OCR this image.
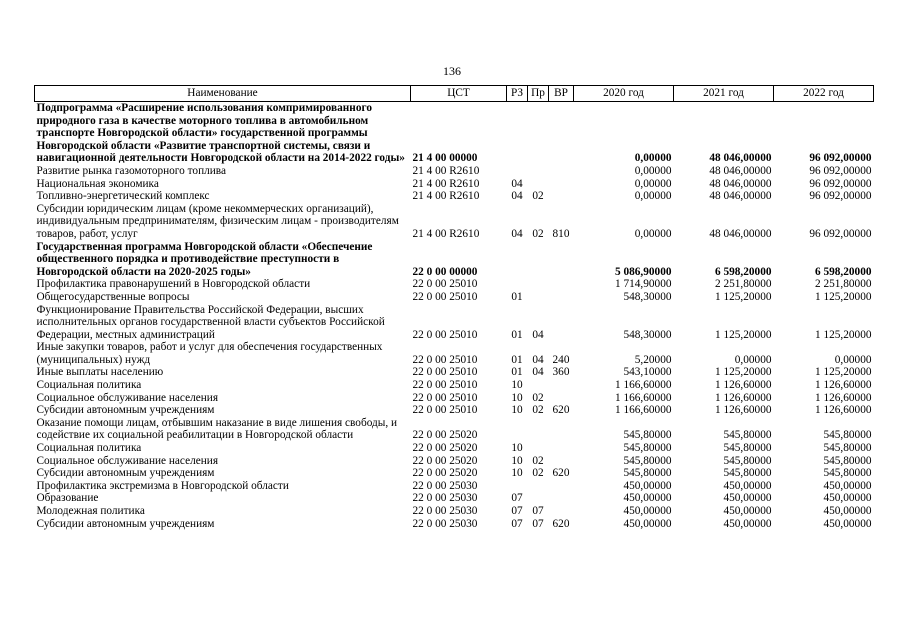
136
Наименование	ЦСТ	РЗ	Пр	ВР	2020 год	2021 год	2022 год
Подпрограмма «Расширение использования компримированного природного газа в качестве моторного топлива в автомобильном транспорте Новгородской области» государственной программы Новгородской области «Развитие транспортной системы, связи и навигационной деятельности Новгородской области на 2014-2022 годы»	21 4 00 00000				0,00000	48 046,00000	96 092,00000
Развитие рынка газомоторного топлива	21 4 00 R2610				0,00000	48 046,00000	96 092,00000
Национальная экономика	21 4 00 R2610	04			0,00000	48 046,00000	96 092,00000
Топливно-энергетический комплекс	21 4 00 R2610	04	02		0,00000	48 046,00000	96 092,00000
Субсидии юридическим лицам (кроме некоммерческих организаций), индивидуальным предпринимателям, физическим лицам - производителям товаров, работ, услуг	21 4 00 R2610	04	02	810	0,00000	48 046,00000	96 092,00000
Государственная программа Новгородской области «Обеспечение общественного порядка и противодействие преступности в Новгородской области на 2020-2025 годы»	22 0 00 00000				5 086,90000	6 598,20000	6 598,20000
Профилактика правонарушений в Новгородской области	22 0 00 25010				1 714,90000	2 251,80000	2 251,80000
Общегосударственные вопросы	22 0 00 25010	01			548,30000	1 125,20000	1 125,20000
Функционирование Правительства Российской Федерации, высших исполнительных органов государственной власти субъектов Российской Федерации, местных администраций	22 0 00 25010	01	04		548,30000	1 125,20000	1 125,20000
Иные закупки товаров, работ и услуг для обеспечения государственных (муниципальных) нужд	22 0 00 25010	01	04	240	5,20000	0,00000	0,00000
Иные выплаты населению	22 0 00 25010	01	04	360	543,10000	1 125,20000	1 125,20000
Социальная политика	22 0 00 25010	10			1 166,60000	1 126,60000	1 126,60000
Социальное обслуживание населения	22 0 00 25010	10	02		1 166,60000	1 126,60000	1 126,60000
Субсидии автономным учреждениям	22 0 00 25010	10	02	620	1 166,60000	1 126,60000	1 126,60000
Оказание помощи лицам, отбывшим наказание в виде лишения свободы, и содействие их социальной реабилитации в Новгородской области	22 0 00 25020				545,80000	545,80000	545,80000
Социальная политика	22 0 00 25020	10			545,80000	545,80000	545,80000
Социальное обслуживание населения	22 0 00 25020	10	02		545,80000	545,80000	545,80000
Субсидии автономным учреждениям	22 0 00 25020	10	02	620	545,80000	545,80000	545,80000
Профилактика экстремизма в Новгородской области	22 0 00 25030				450,00000	450,00000	450,00000
Образование	22 0 00 25030	07			450,00000	450,00000	450,00000
Молодежная политика	22 0 00 25030	07	07		450,00000	450,00000	450,00000
Субсидии автономным учреждениям	22 0 00 25030	07	07	620	450,00000	450,00000	450,00000
